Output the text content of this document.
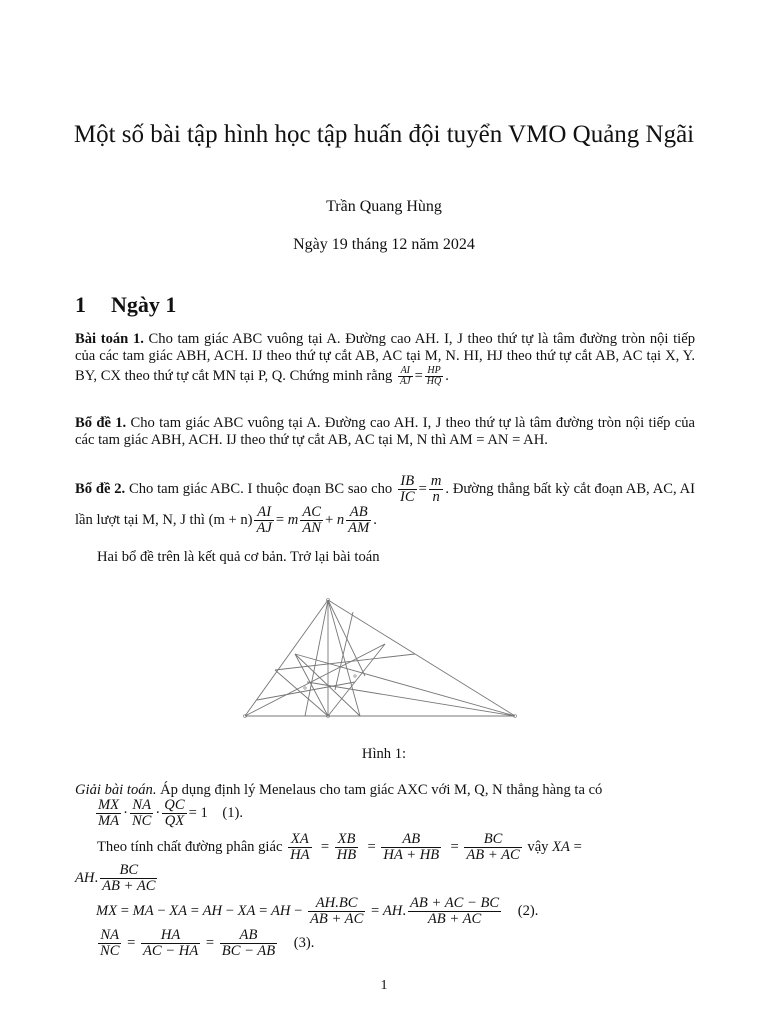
Một số bài tập hình học tập huấn đội tuyển VMO Quảng Ngãi
Trần Quang Hùng
Ngày 19 tháng 12 năm 2024
1 Ngày 1
Bài toán 1. Cho tam giác ABC vuông tại A. Đường cao AH. I, J theo thứ tự là tâm đường tròn nội tiếp của các tam giác ABH, ACH. IJ theo thứ tự cắt AB, AC tại M, N. HI, HJ theo thứ tự cắt AB, AC tại X, Y. BY, CX theo thứ tự cắt MN tại P, Q. Chứng minh rằng $\frac{AI}{AJ} = \frac{HP}{HQ}$ .
Bổ đề 1. Cho tam giác ABC vuông tại A. Đường cao AH. I, J theo thứ tự là tâm đường tròn nội tiếp của các tam giác ABH, ACH. IJ theo thứ tự cắt AB, AC tại M, N thì AM = AN = AH.
Bổ đề 2. Cho tam giác ABC. I thuộc đoạn BC sao cho $\frac{IB}{IC} = \frac{m}{n}$ . Đường thẳng bất kỳ cắt đoạn AB, AC, AI lần lượt tại M, N, J thì $(m + n) \frac{AI}{AJ} = m \frac{AC}{AN} + n \frac{AB}{AM}$ .
Hai bổ đề trên là kết quả cơ bản. Trở lại bài toán
Hình 1:
Giải bài toán. Áp dụng định lý Menelaus cho tam giác AXC với M, Q, N thẳng hàng ta có
$\frac{MX}{MA} \cdot \frac{NA}{NC} \cdot \frac{QC}{QX} = 1$    (1).
Theo tính chất đường phân giác $\frac{XA}{HA} = \frac{XB}{HB} = \frac{AB}{HA + HB} = \frac{BC}{AB + AC}$ vậy XA =
AH. $\frac{BC}{AB + AC}$
MX = MA − XA = AH − XA = AH − $\frac{AH.BC}{AB + AC}$ = AH. $\frac{AB + AC - BC}{AB + AC} (2)$.
$\frac{NA}{NC} = \frac{HA}{AC - HA} = \frac{AB}{BC - AB} (3)$.
1
